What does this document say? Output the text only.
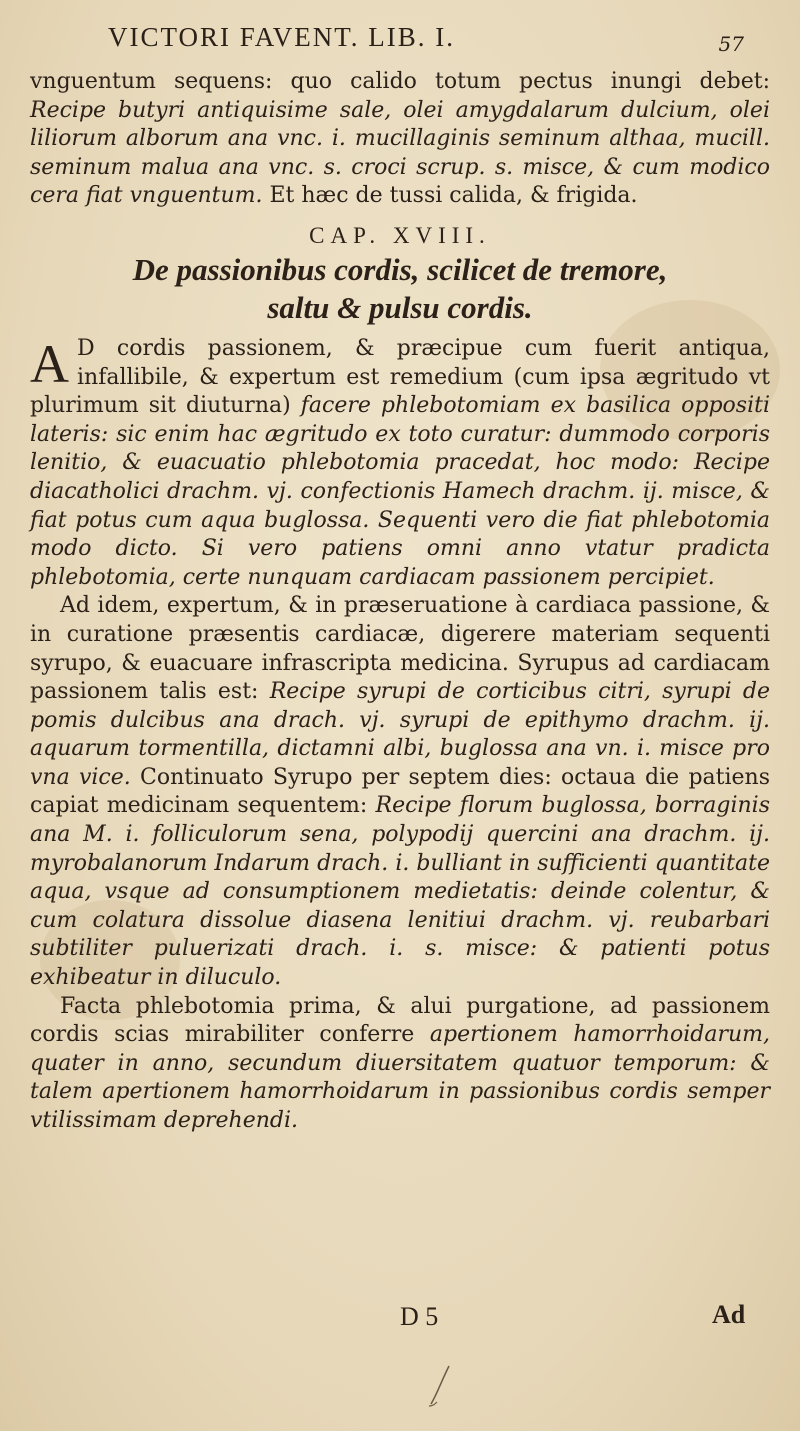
VICTORI FAVENT. LIB. I.	57

vnguentum sequens: quo calido totum pectus inungi debet: Recipe butyri antiquisime sale, olei amygdalarum dulcium, olei liliorum alborum ana vnc. i. mucillaginis seminum althaa, mucill. seminum malua ana vnc. s. croci scrup. s. misce, & cum modico cera fiat vnguentum. Et hæc de tussi calida, & frigida.

CAP. XVIII.
De passionibus cordis, scilicet de tremore,
saltu & pulsu cordis.

A D cordis passionem, & præcipue cum fuerit antiqua, infallibile, & expertum est remedium (cum ipsa ægritudo vt plurimum sit diuturna) facere phlebotomiam ex basilica oppositi lateris: sic enim hac ægritudo ex toto curatur: dummodo corporis lenitio, & euacuatio phlebotomia pracedat, hoc modo: Recipe diacatholici drachm. vj. confectionis Hamech drachm. ij. misce, & fiat potus cum aqua buglossa. Sequenti vero die fiat phlebotomia modo dicto. Si vero patiens omni anno vtatur pradicta phlebotomia, certe nunquam cardiacam passionem percipiet.

Ad idem, expertum, & in præseruatione à cardiaca passione, & in curatione præsentis cardiacæ, digerere materiam sequenti syrupo, & euacuare infrascripta medicina. Syrupus ad cardiacam passionem talis est: Recipe syrupi de corticibus citri, syrupi de pomis dulcibus ana drach. vj. syrupi de epithymo drachm. ij. aquarum tormentilla, dictamni albi, buglossa ana vn. i. misce pro vna vice. Continuato Syrupo per septem dies: octaua die patiens capiat medicinam sequentem: Recipe florum buglossa, borraginis ana M. i. folliculorum sena, polypodij quercini ana drachm. ij. myrobalanorum Indarum drach. i. bulliant in sufficienti quantitate aqua, vsque ad consumptionem medietatis: deinde colentur, & cum colatura dissolue diasena lenitiui drachm. vj. reubarbari subtiliter puluerizati drach. i. s. misce: & patienti potus exhibeatur in diluculo.

Facta phlebotomia prima, & alui purgatione, ad passionem cordis scias mirabiliter conferre apertionem hamorrhoidarum, quater in anno, secundum diuersitatem quatuor temporum: & talem apertionem hamorrhoidarum in passionibus cordis semper vtilissimam deprehendi.

D 5	Ad
